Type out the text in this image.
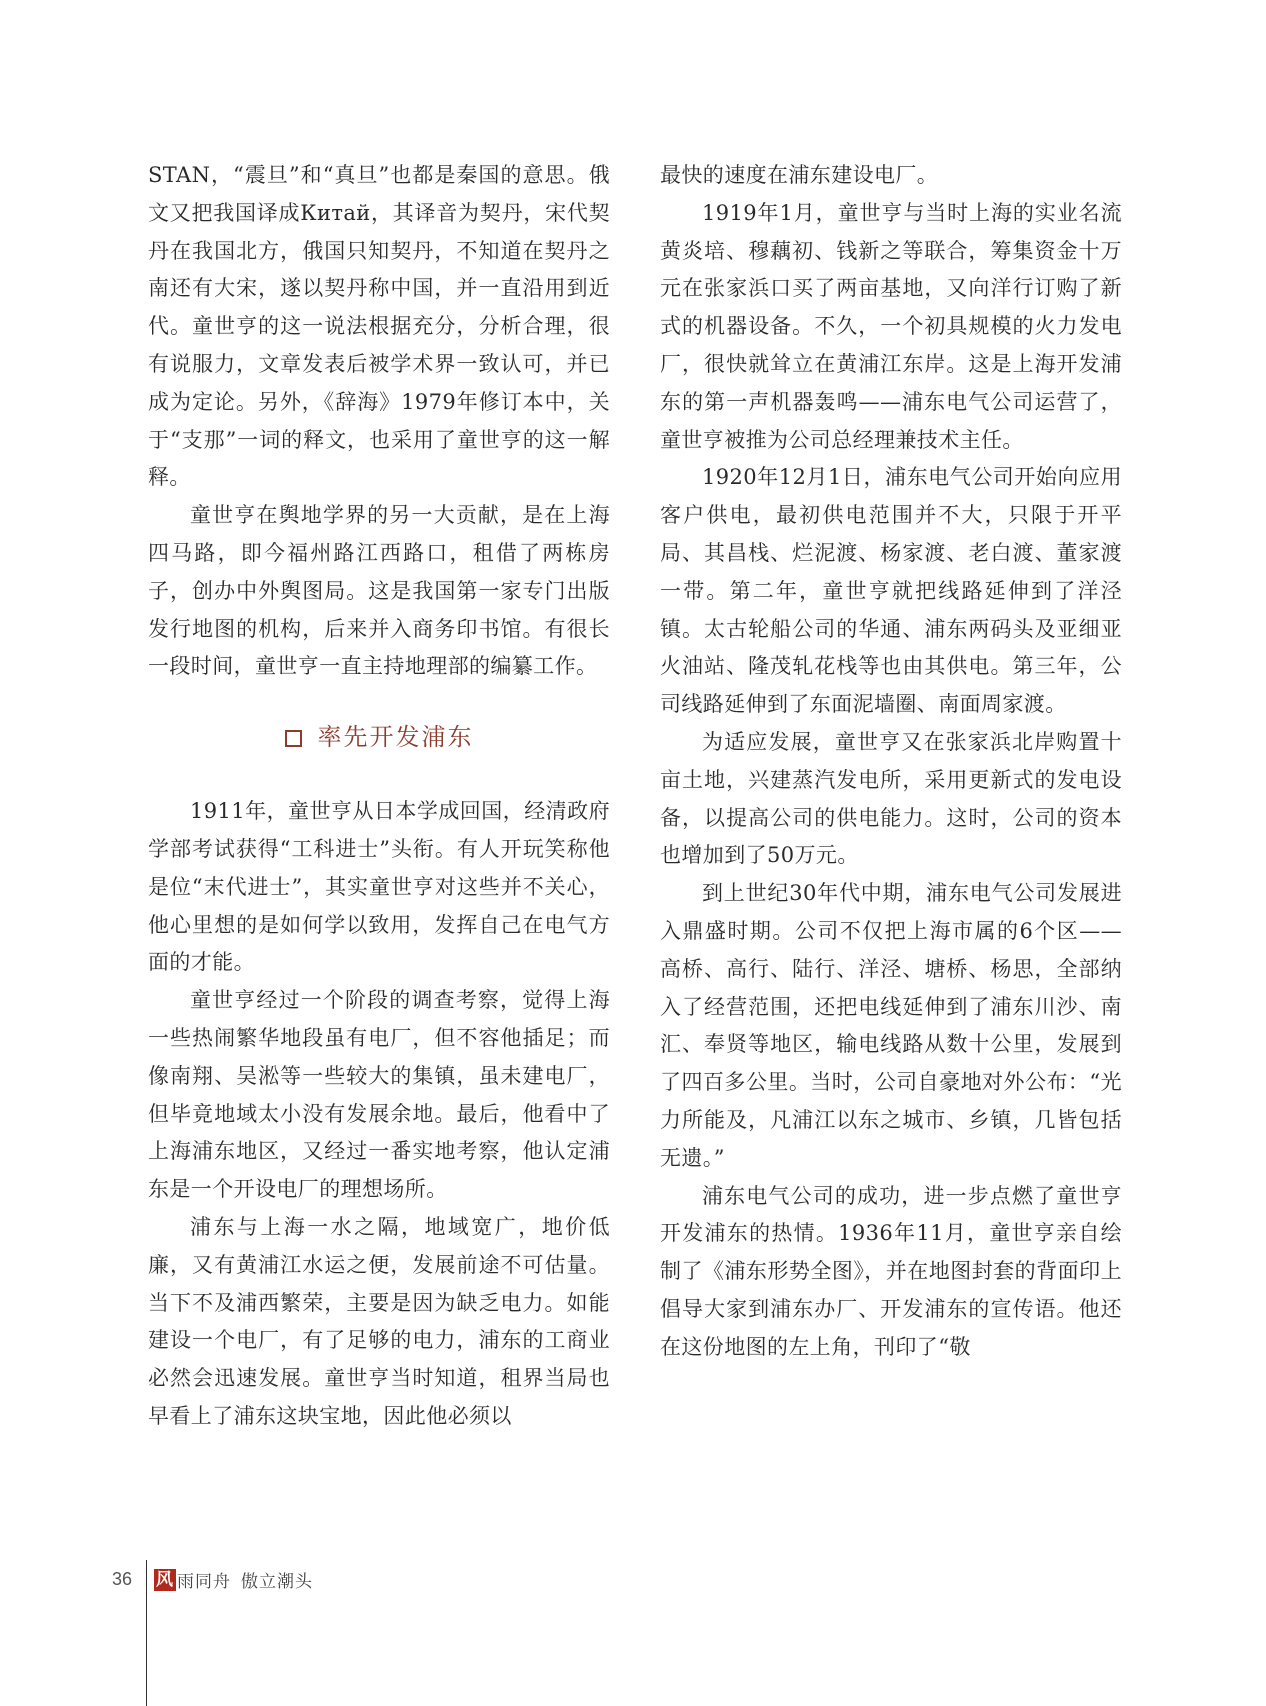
STAN，“震旦”和“真旦”也都是秦国的意思。俄文又把我国译成Китай，其译音为契丹，宋代契丹在我国北方，俄国只知契丹，不知道在契丹之南还有大宋，遂以契丹称中国，并一直沿用到近代。童世亨的这一说法根据充分，分析合理，很有说服力，文章发表后被学术界一致认可，并已成为定论。另外，《辞海》1979年修订本中，关于“支那”一词的释文，也采用了童世亨的这一解释。

童世亨在舆地学界的另一大贡献，是在上海四马路，即今福州路江西路口，租借了两栋房子，创办中外舆图局。这是我国第一家专门出版发行地图的机构，后来并入商务印书馆。有很长一段时间，童世亨一直主持地理部的编纂工作。

率先开发浦东

1911年，童世亨从日本学成回国，经清政府学部考试获得“工科进士”头衔。有人开玩笑称他是位“末代进士”，其实童世亨对这些并不关心，他心里想的是如何学以致用，发挥自己在电气方面的才能。

童世亨经过一个阶段的调查考察，觉得上海一些热闹繁华地段虽有电厂，但不容他插足；而像南翔、吴淞等一些较大的集镇，虽未建电厂，但毕竟地域太小没有发展余地。最后，他看中了上海浦东地区，又经过一番实地考察，他认定浦东是一个开设电厂的理想场所。

浦东与上海一水之隔，地域宽广，地价低廉，又有黄浦江水运之便，发展前途不可估量。当下不及浦西繁荣，主要是因为缺乏电力。如能建设一个电厂，有了足够的电力，浦东的工商业必然会迅速发展。童世亨当时知道，租界当局也早看上了浦东这块宝地，因此他必须以

最快的速度在浦东建设电厂。

1919年1月，童世亨与当时上海的实业名流黄炎培、穆藕初、钱新之等联合，筹集资金十万元在张家浜口买了两亩基地，又向洋行订购了新式的机器设备。不久，一个初具规模的火力发电厂，很快就耸立在黄浦江东岸。这是上海开发浦东的第一声机器轰鸣——浦东电气公司运营了，童世亨被推为公司总经理兼技术主任。

1920年12月1日，浦东电气公司开始向应用客户供电，最初供电范围并不大，只限于开平局、其昌栈、烂泥渡、杨家渡、老白渡、董家渡一带。第二年，童世亨就把线路延伸到了洋泾镇。太古轮船公司的华通、浦东两码头及亚细亚火油站、隆茂轧花栈等也由其供电。第三年，公司线路延伸到了东面泥墙圈、南面周家渡。

为适应发展，童世亨又在张家浜北岸购置十亩土地，兴建蒸汽发电所，采用更新式的发电设备，以提高公司的供电能力。这时，公司的资本也增加到了50万元。

到上世纪30年代中期，浦东电气公司发展进入鼎盛时期。公司不仅把上海市属的6个区——高桥、高行、陆行、洋泾、塘桥、杨思，全部纳入了经营范围，还把电线延伸到了浦东川沙、南汇、奉贤等地区，输电线路从数十公里，发展到了四百多公里。当时，公司自豪地对外公布：“光力所能及，凡浦江以东之城市、乡镇，几皆包括无遗。”

浦东电气公司的成功，进一步点燃了童世亨开发浦东的热情。1936年11月，童世亨亲自绘制了《浦东形势全图》，并在地图封套的背面印上倡导大家到浦东办厂、开发浦东的宣传语。他还在这份地图的左上角，刊印了“敬

36 风 雨同舟 傲立潮头
